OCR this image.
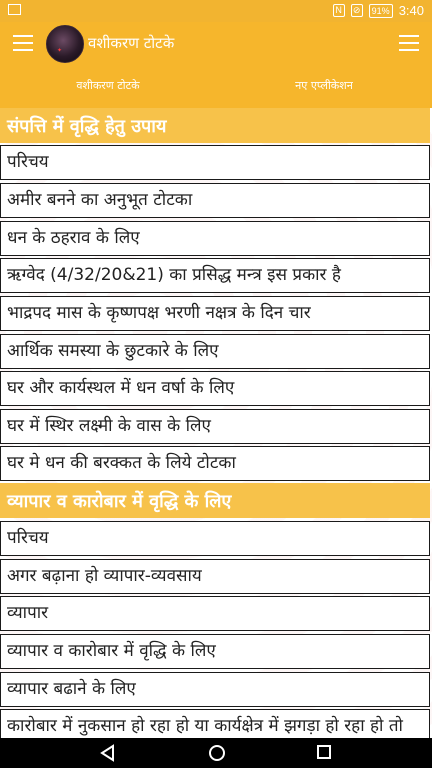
N	⊘	91% 3:40
✦ वशीकरण टोटके
वशीकरण टोटके	नए एप्लीकेशन
संपत्ति में वृद्धि हेतु उपाय
परिचय
अमीर बनने का अनुभूत टोटका
धन के ठहराव के लिए
ऋग्वेद (4/32/20&21) का प्रसिद्ध मन्त्र इस प्रकार है
भाद्रपद मास के कृष्णपक्ष भरणी नक्षत्र के दिन चार
आर्थिक समस्या के छुटकारे के लिए
घर और कार्यस्थल में धन वर्षा के लिए
घर में स्थिर लक्ष्मी के वास के लिए
घर मे धन की बरक्कत के लिये टोटका
व्यापार व कारोबार में वृद्धि के लिए
परिचय
अगर बढ़ाना हो व्यापार-व्यवसाय
व्यापार
व्यापार व कारोबार में वृद्धि के लिए
व्यापार बढाने के लिए
कारोबार में नुकसान हो रहा हो या कार्यक्षेत्र में झगड़ा हो रहा हो तो
